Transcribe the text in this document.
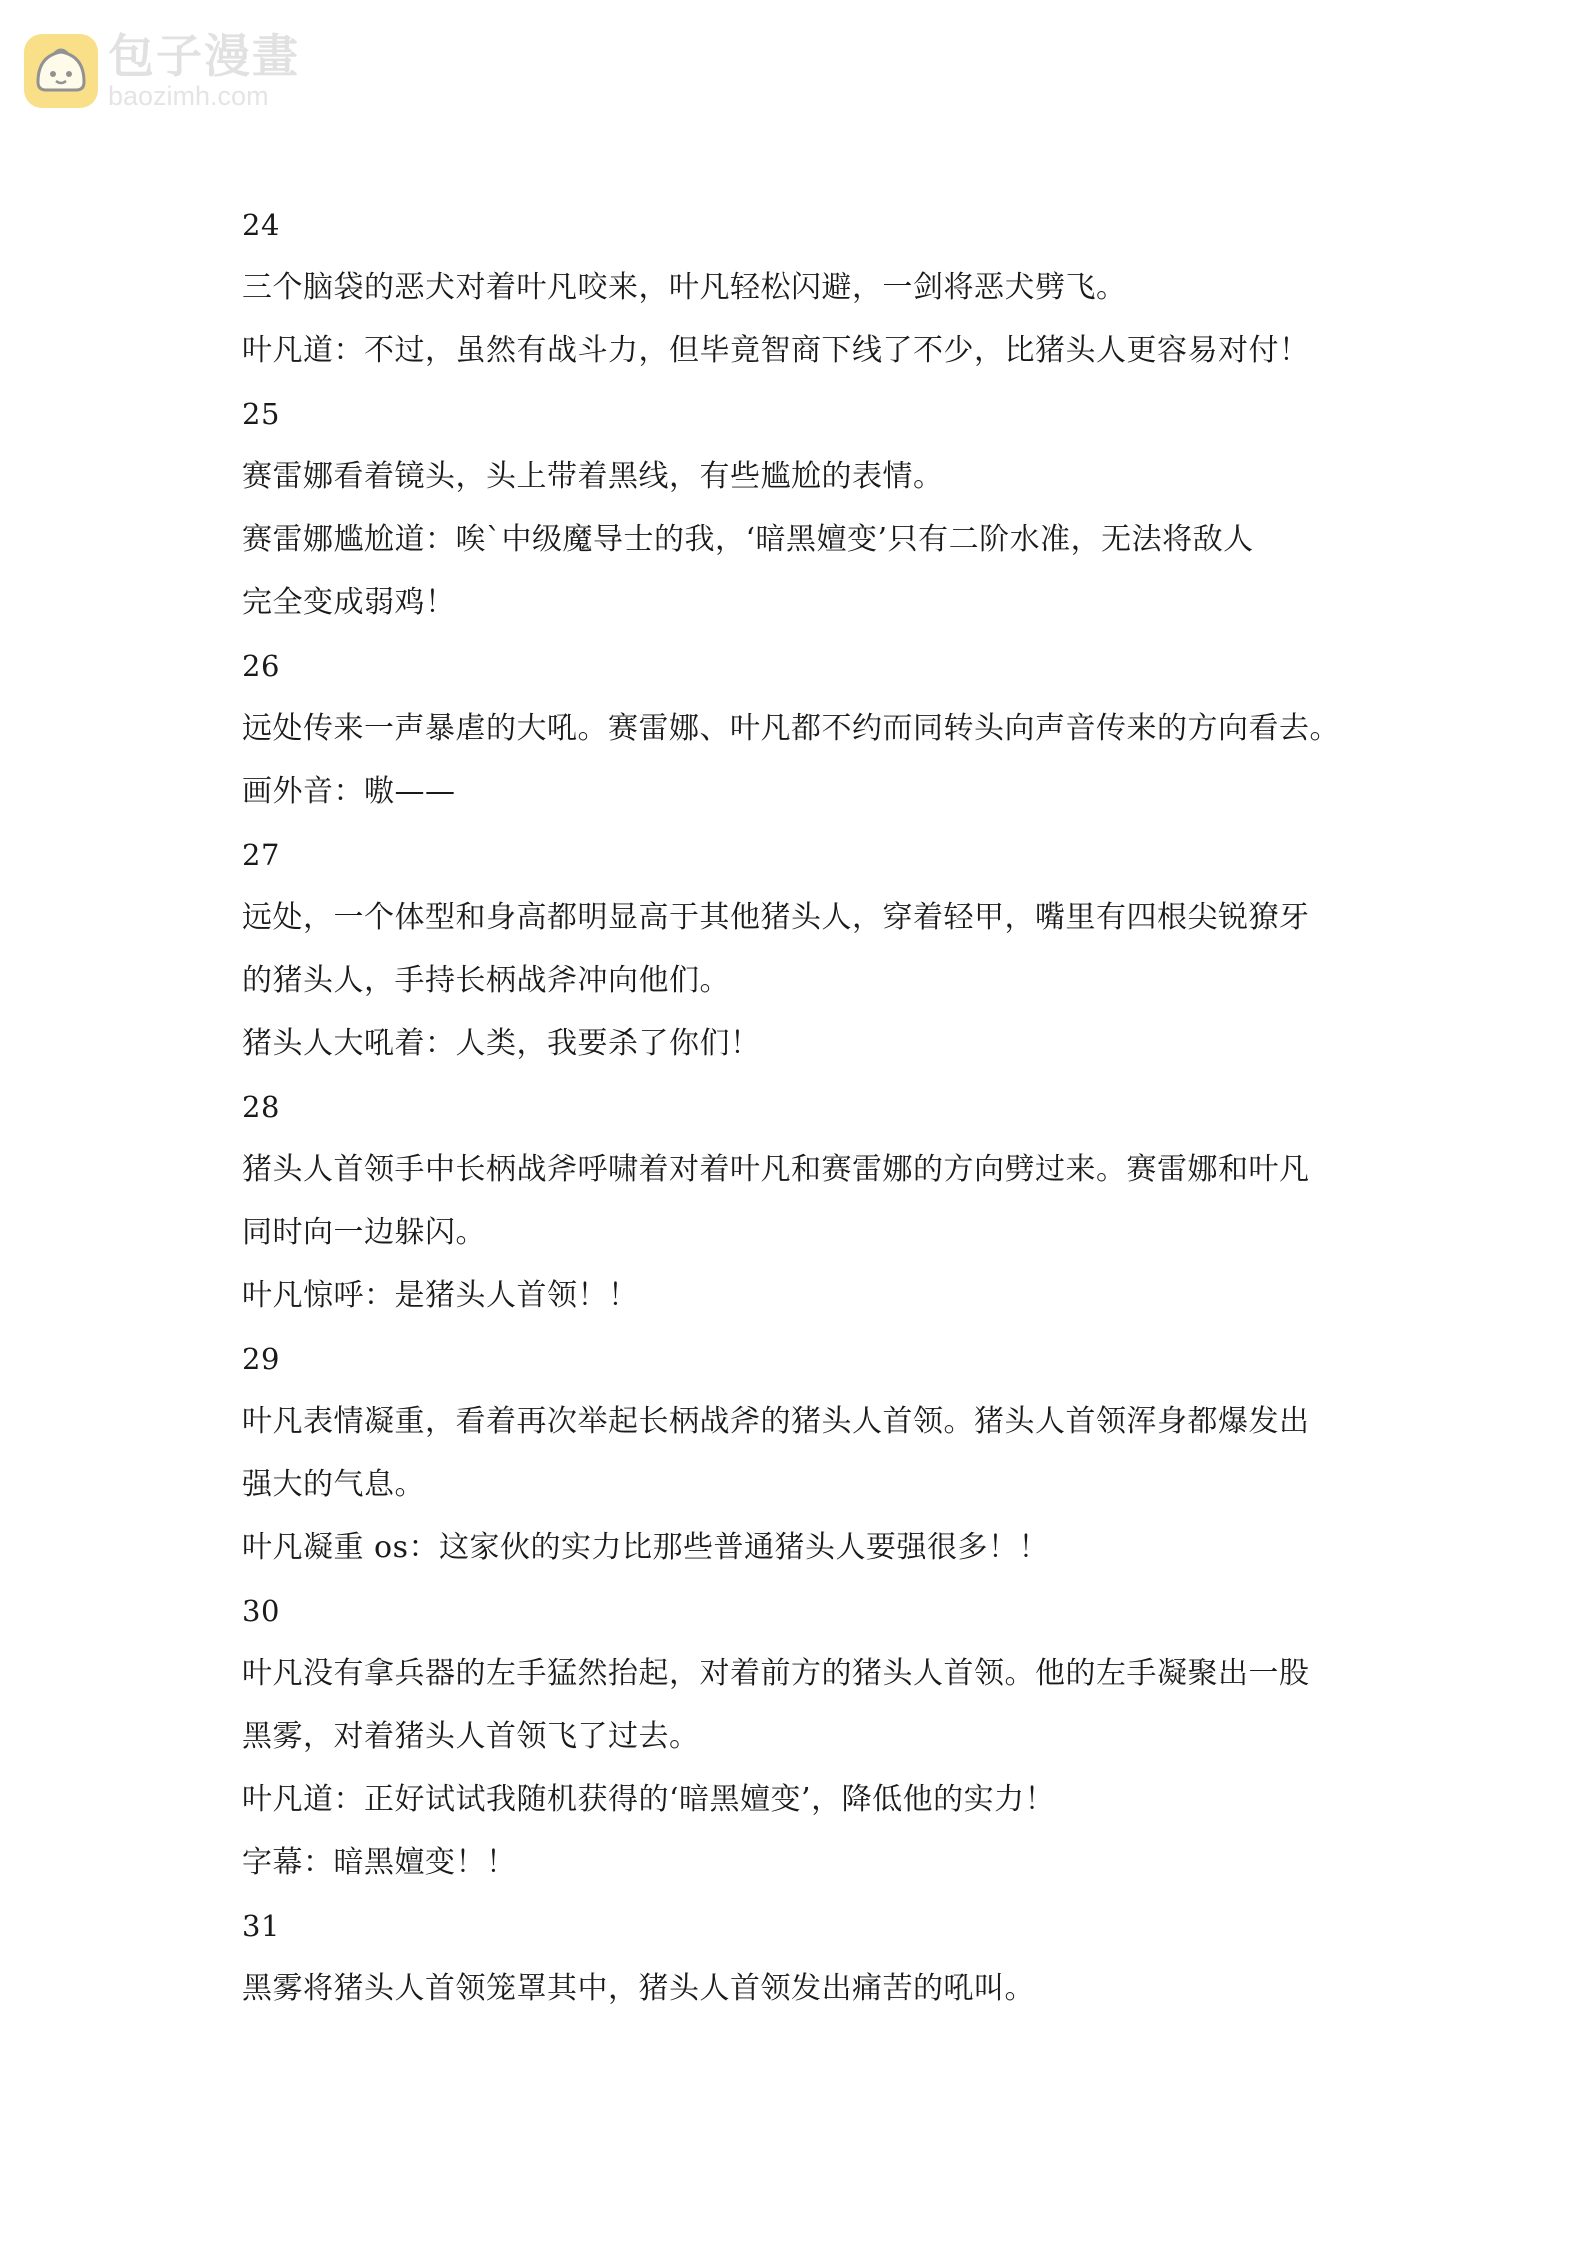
包子漫畫
baozimh.com
24
三个脑袋的恶犬对着叶凡咬来，叶凡轻松闪避，一剑将恶犬劈飞。
叶凡道：不过，虽然有战斗力，但毕竟智商下线了不少，比猪头人更容易对付！
25
赛雷娜看着镜头，头上带着黑线，有些尴尬的表情。
赛雷娜尴尬道：唉`中级魔导士的我，‘暗黑嬗变’只有二阶水准，无法将敌人
完全变成弱鸡！
26
远处传来一声暴虐的大吼。赛雷娜、叶凡都不约而同转头向声音传来的方向看去。
画外音：嗷——
27
远处，一个体型和身高都明显高于其他猪头人，穿着轻甲，嘴里有四根尖锐獠牙
的猪头人，手持长柄战斧冲向他们。
猪头人大吼着：人类，我要杀了你们！
28
猪头人首领手中长柄战斧呼啸着对着叶凡和赛雷娜的方向劈过来。赛雷娜和叶凡
同时向一边躲闪。
叶凡惊呼：是猪头人首领！！
29
叶凡表情凝重，看着再次举起长柄战斧的猪头人首领。猪头人首领浑身都爆发出
强大的气息。
叶凡凝重 os：这家伙的实力比那些普通猪头人要强很多！！
30
叶凡没有拿兵器的左手猛然抬起，对着前方的猪头人首领。他的左手凝聚出一股
黑雾，对着猪头人首领飞了过去。
叶凡道：正好试试我随机获得的‘暗黑嬗变’，降低他的实力！
字幕：暗黑嬗变！！
31
黑雾将猪头人首领笼罩其中，猪头人首领发出痛苦的吼叫。
